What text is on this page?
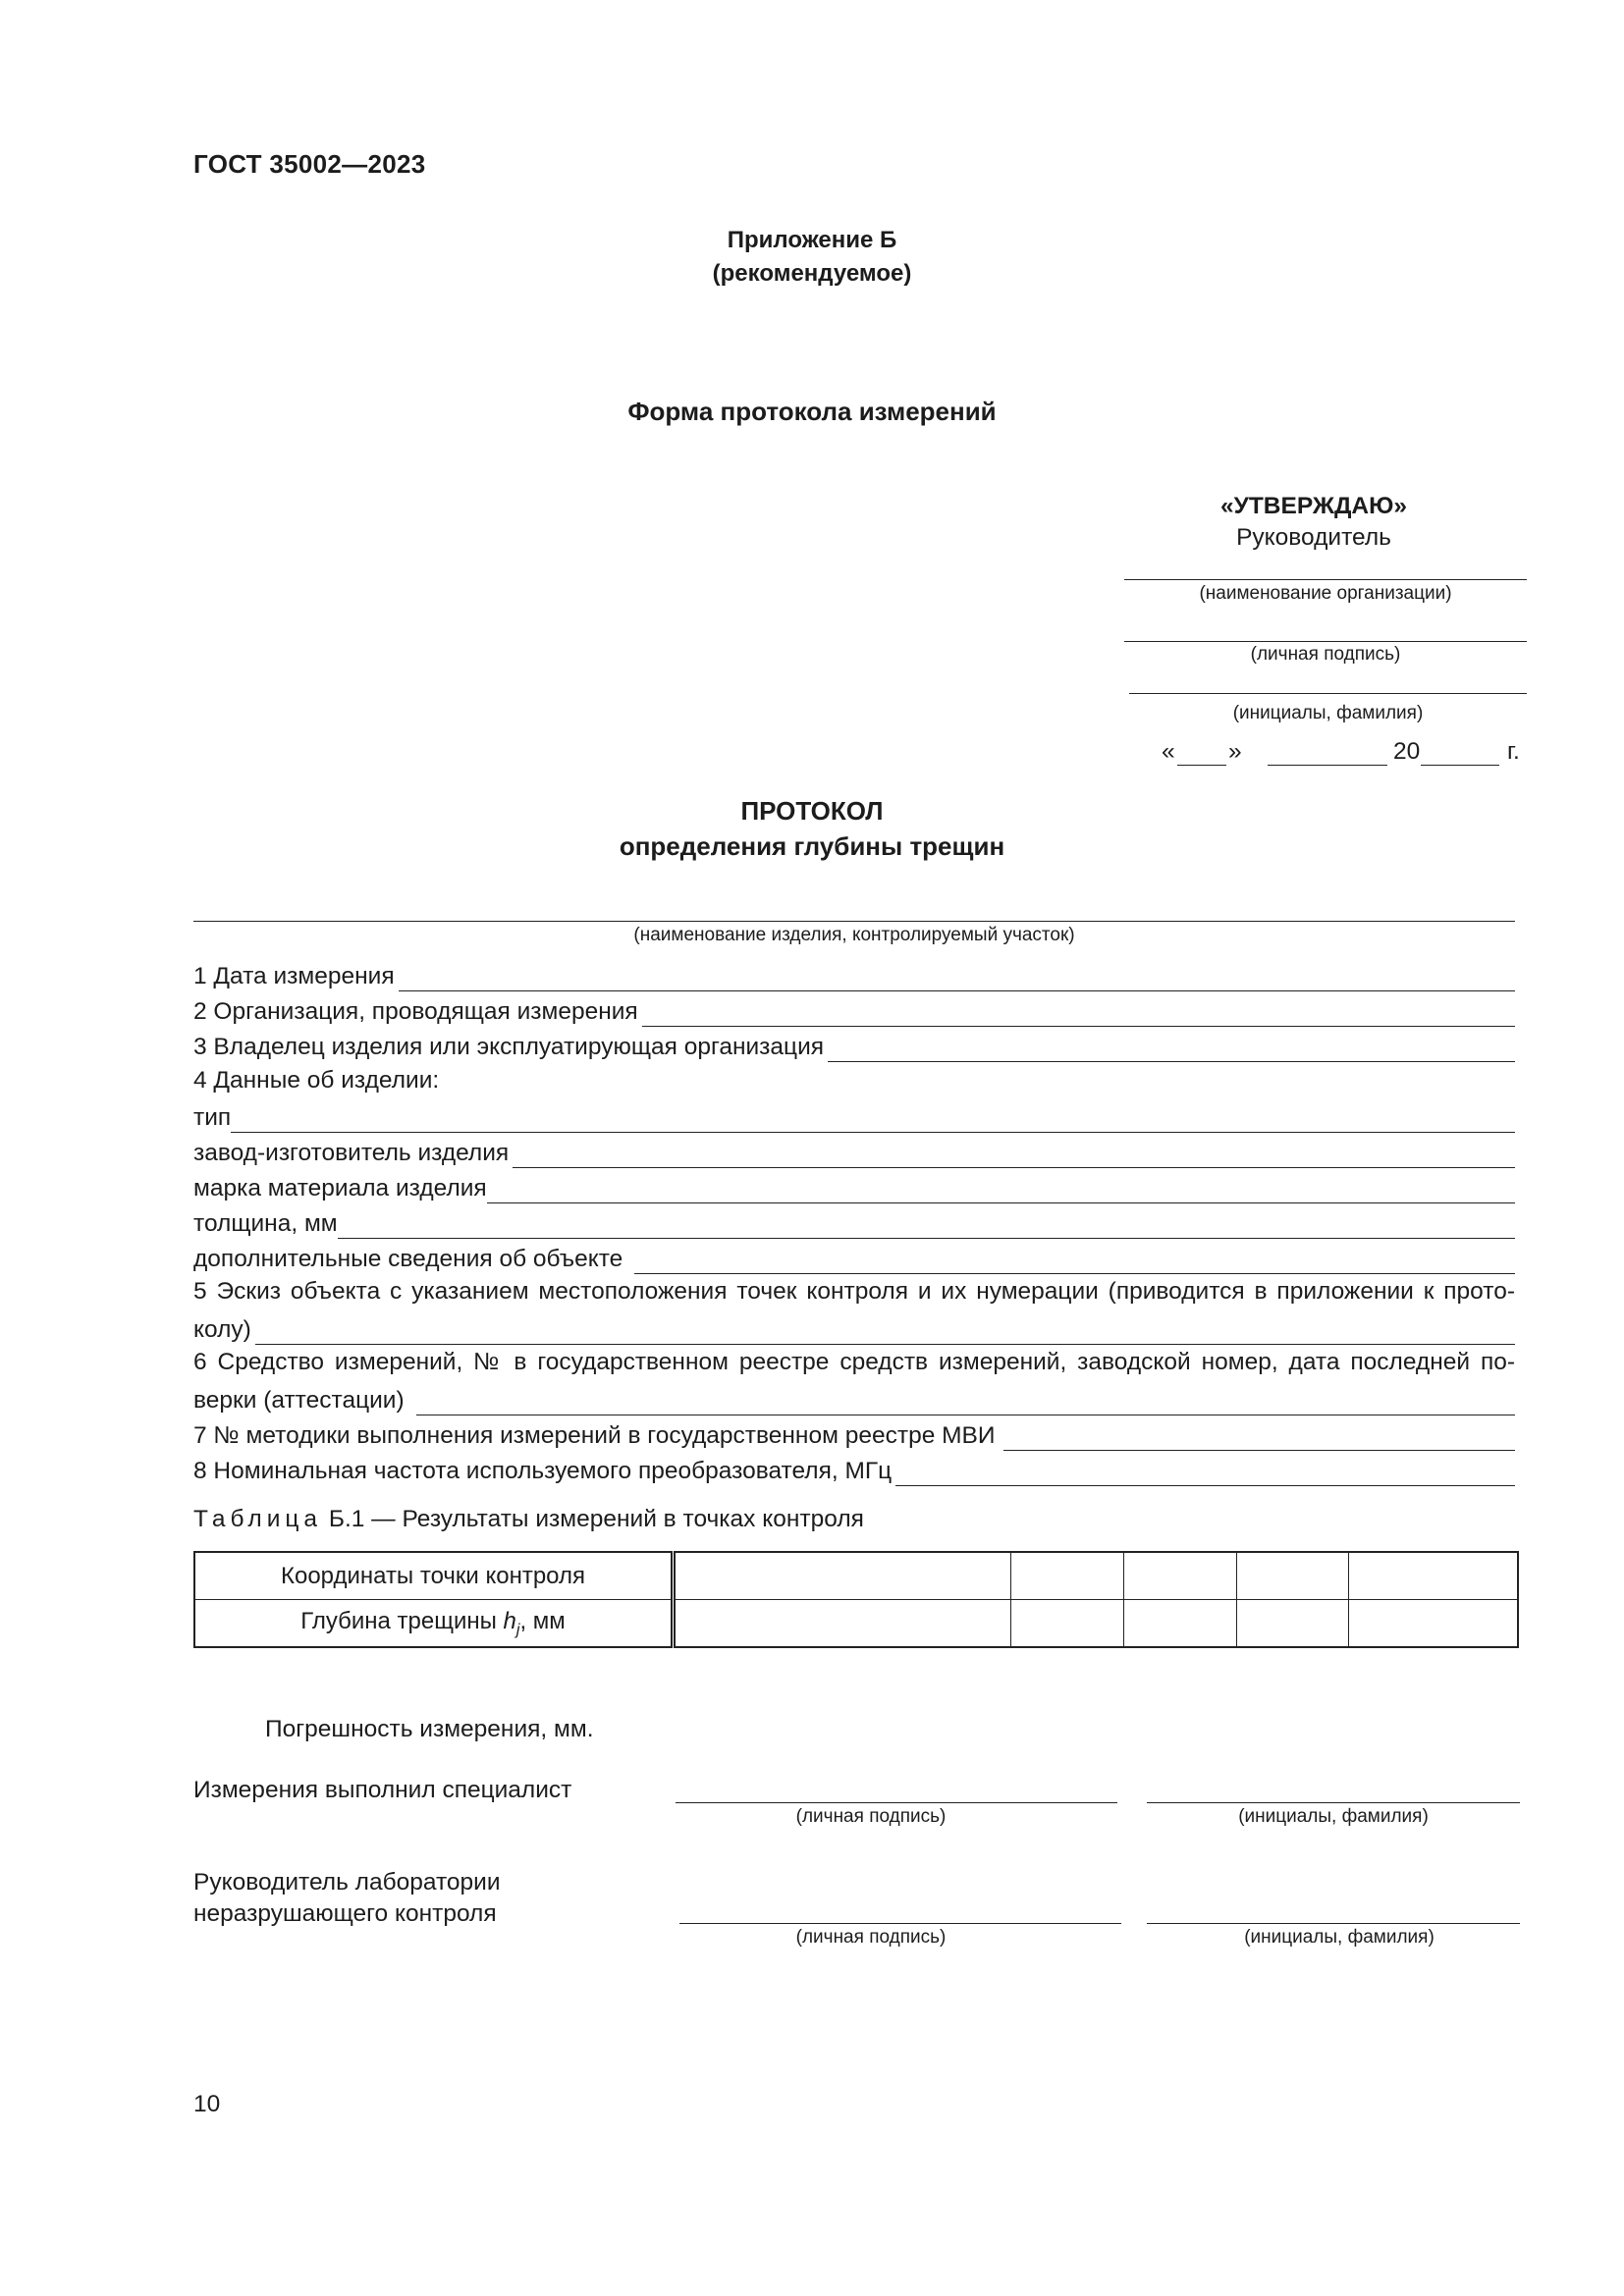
ГОСТ 35002—2023
Приложение Б
(рекомендуемое)
Форма протокола измерений
«УТВЕРЖДАЮ»
Руководитель
(наименование организации)
(личная подпись)
(инициалы, фамилия)
« »	20	г.
ПРОТОКОЛ
определения глубины трещин
(наименование изделия, контролируемый участок)
1 Дата измерения
2 Организация, проводящая измерения
3 Владелец изделия или эксплуатирующая организация
4 Данные об изделии:
тип
завод-изготовитель изделия
марка материала изделия
толщина, мм
дополнительные сведения об объекте
5 Эскиз объекта с указанием местоположения точек контроля и их нумерации (приводится в приложении к прото-
колу)
6 Средство измерений, № в государственном реестре средств измерений, заводской номер, дата последней по-
верки (аттестации)
7 № методики выполнения измерений в государственном реестре МВИ
8 Номинальная частота используемого преобразователя, МГц
Таблица Б.1 — Результаты измерений в точках контроля
Координаты точки контроля					
Глубина трещины $h_j$, мм					
Погрешность измерения, мм.
Измерения выполнил специалист
(личная подпись)	(инициалы, фамилия)
Руководитель лаборатории
неразрушающего контроля
(личная подпись)	(инициалы, фамилия)
10
